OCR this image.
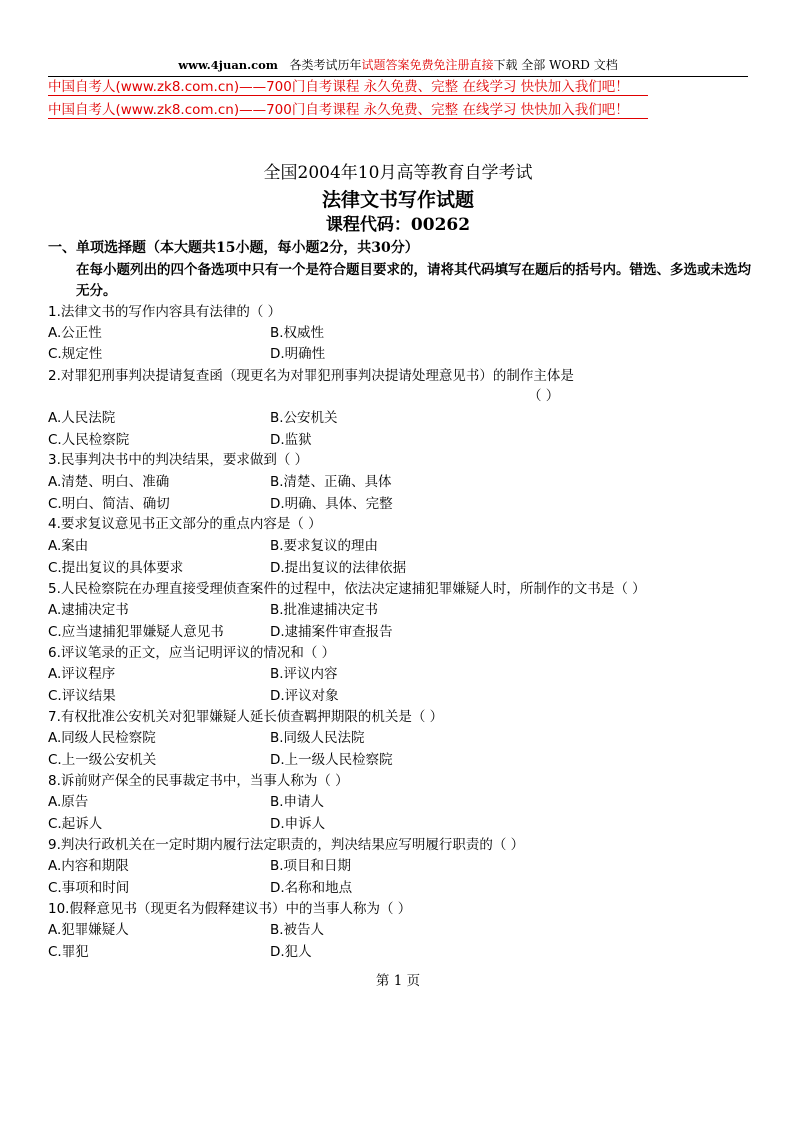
www.4juan.com 各类考试历年试题答案免费免注册直接下载 全部 WORD 文档
中国自考人(www.zk8.com.cn)——700门自考课程 永久免费、完整 在线学习 快快加入我们吧！
中国自考人(www.zk8.com.cn)——700门自考课程 永久免费、完整 在线学习 快快加入我们吧！
全国2004年10月高等教育自学考试
法律文书写作试题
课程代码：00262
一、单项选择题（本大题共15小题，每小题2分，共30分）
在每小题列出的四个备选项中只有一个是符合题目要求的，请将其代码填写在题后的括号内。错选、多选或未选均无分。
1.法律文书的写作内容具有法律的（ ）
A.公正性	B.权威性
C.规定性	D.明确性
2.对罪犯刑事判决提请复查函（现更名为对罪犯刑事判决提请处理意见书）的制作主体是
（ ）
A.人民法院	B.公安机关
C.人民检察院	D.监狱
3.民事判决书中的判决结果，要求做到（ ）
A.清楚、明白、准确	B.清楚、正确、具体
C.明白、简洁、确切	D.明确、具体、完整
4.要求复议意见书正文部分的重点内容是（ ）
A.案由	B.要求复议的理由
C.提出复议的具体要求	D.提出复议的法律依据
5.人民检察院在办理直接受理侦查案件的过程中，依法决定逮捕犯罪嫌疑人时，所制作的文书是（ ）
A.逮捕决定书	B.批准逮捕决定书
C.应当逮捕犯罪嫌疑人意见书	D.逮捕案件审查报告
6.评议笔录的正文，应当记明评议的情况和（ ）
A.评议程序	B.评议内容
C.评议结果	D.评议对象
7.有权批准公安机关对犯罪嫌疑人延长侦查羁押期限的机关是（ ）
A.同级人民检察院	B.同级人民法院
C.上一级公安机关	D.上一级人民检察院
8.诉前财产保全的民事裁定书中，当事人称为（ ）
A.原告	B.申请人
C.起诉人	D.申诉人
9.判决行政机关在一定时期内履行法定职责的，判决结果应写明履行职责的（ ）
A.内容和期限	B.项目和日期
C.事项和时间	D.名称和地点
10.假释意见书（现更名为假释建议书）中的当事人称为（ ）
A.犯罪嫌疑人	B.被告人
C.罪犯	D.犯人
第 1 页
